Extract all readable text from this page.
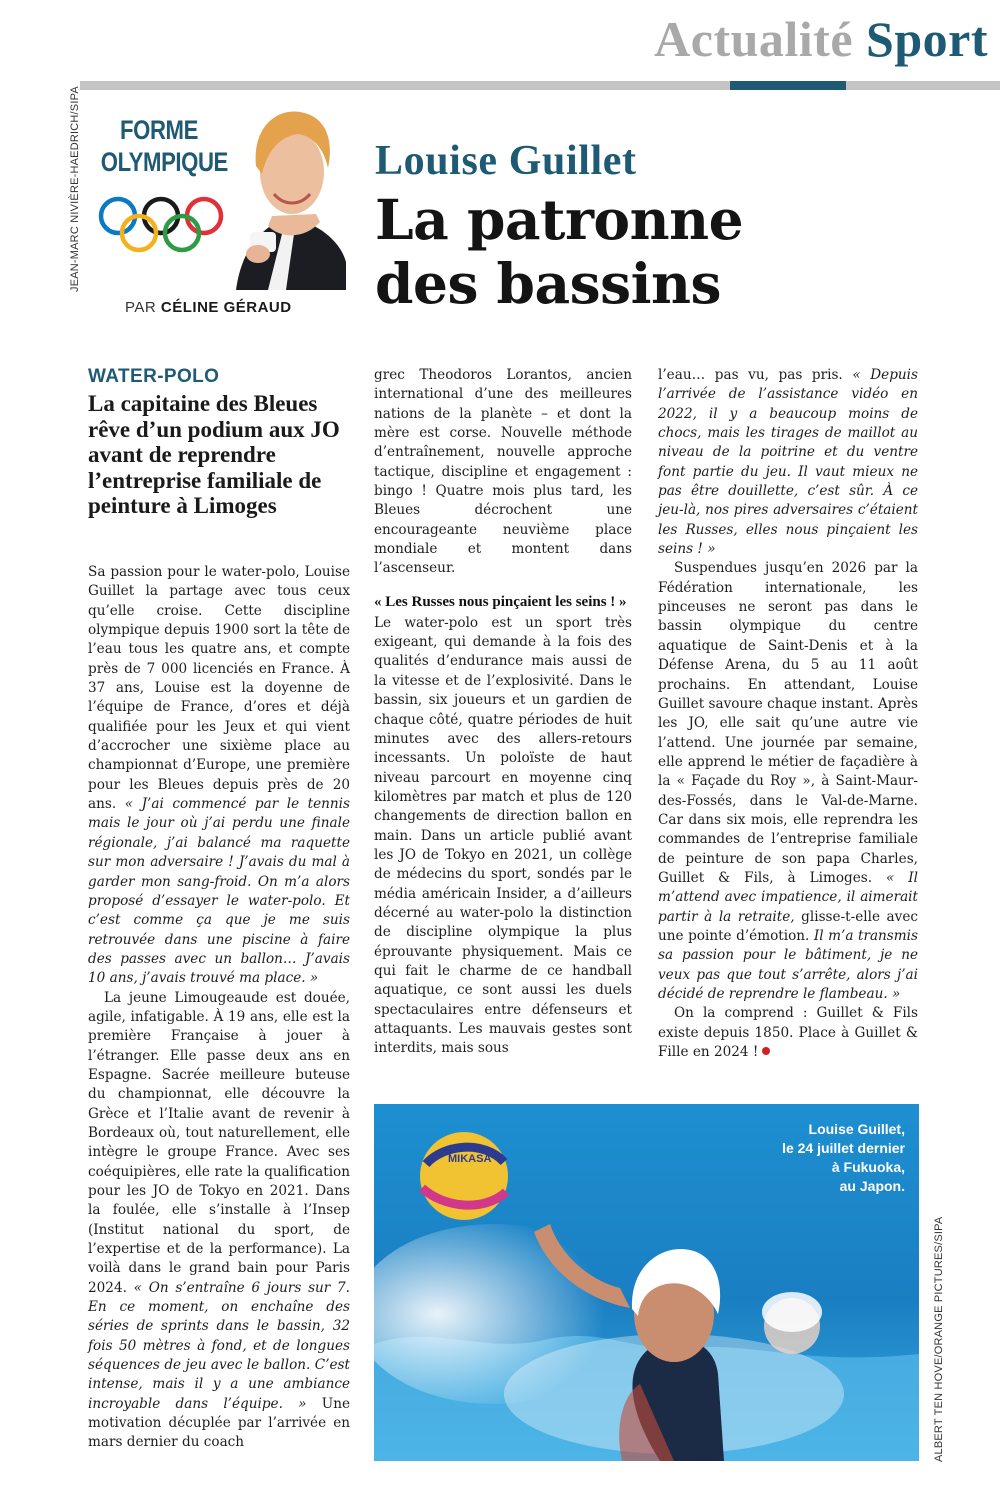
Actualité Sport
JEAN-MARC NIVIÈRE-HAEDRICH/SIPA	FORME
OLYMPIQUE
PAR CÉLINE GÉRAUD
Louise Guillet
La patronne
des bassins
WATER-POLO
La capitaine des Bleues rêve d’un podium aux JO avant de reprendre l’entreprise familiale de peinture à Limoges

Sa passion pour le water-polo, Louise Guillet la partage avec tous ceux qu’elle croise. Cette discipline olympique depuis 1900 sort la tête de l’eau tous les quatre ans, et compte près de 7 000 licenciés en France. À 37 ans, Louise est la doyenne de l’équipe de France, d’ores et déjà qualifiée pour les Jeux et qui vient d’accrocher une sixième place au championnat d’Europe, une première pour les Bleues depuis près de 20 ans. « J’ai commencé par le tennis mais le jour où j’ai perdu une finale régionale, j’ai balancé ma raquette sur mon adversaire ! J’avais du mal à garder mon sang-froid. On m’a alors proposé d’essayer le water-polo. Et c’est comme ça que je me suis retrouvée dans une piscine à faire des passes avec un ballon… J’avais 10 ans, j’avais trouvé ma place. »

La jeune Limougeaude est douée, agile, infatigable. À 19 ans, elle est la première Française à jouer à l’étranger. Elle passe deux ans en Espagne. Sacrée meilleure buteuse du championnat, elle découvre la Grèce et l’Italie avant de revenir à Bordeaux où, tout naturellement, elle intègre le groupe France. Avec ses coéquipières, elle rate la qualification pour les JO de Tokyo en 2021. Dans la foulée, elle s’installe à l’Insep (Institut national du sport, de l’expertise et de la performance). La voilà dans le grand bain pour Paris 2024. « On s’entraîne 6 jours sur 7. En ce moment, on enchaîne des séries de sprints dans le bassin, 32 fois 50 mètres à fond, et de longues séquences de jeu avec le ballon. C’est intense, mais il y a une ambiance incroyable dans l’équipe. » Une motivation décuplée par l’arrivée en mars dernier du coach

grec Theodoros Lorantos, ancien international d’une des meilleures nations de la planète – et dont la mère est corse. Nouvelle méthode d’entraînement, nouvelle approche tactique, discipline et engagement : bingo ! Quatre mois plus tard, les Bleues décrochent une encourageante neuvième place mondiale et montent dans l’ascenseur.

« Les Russes nous pinçaient les seins ! »

Le water-polo est un sport très exigeant, qui demande à la fois des qualités d’endurance mais aussi de la vitesse et de l’explosivité. Dans le bassin, six joueurs et un gardien de chaque côté, quatre périodes de huit minutes avec des allers-retours incessants. Un poloïste de haut niveau parcourt en moyenne cinq kilomètres par match et plus de 120 changements de direction ballon en main. Dans un article publié avant les JO de Tokyo en 2021, un collège de médecins du sport, sondés par le média américain Insider, a d’ailleurs décerné au water-polo la distinction de discipline olympique la plus éprouvante physiquement. Mais ce qui fait le charme de ce handball aquatique, ce sont aussi les duels spectaculaires entre défenseurs et attaquants. Les mauvais gestes sont interdits, mais sous

l’eau… pas vu, pas pris. « Depuis l’arrivée de l’assistance vidéo en 2022, il y a beaucoup moins de chocs, mais les tirages de maillot au niveau de la poitrine et du ventre font partie du jeu. Il vaut mieux ne pas être douillette, c’est sûr. À ce jeu-là, nos pires adversaires c’étaient les Russes, elles nous pinçaient les seins ! »

Suspendues jusqu’en 2026 par la Fédération internationale, les pinceuses ne seront pas dans le bassin olympique du centre aquatique de Saint-Denis et à la Défense Arena, du 5 au 11 août prochains. En attendant, Louise Guillet savoure chaque instant. Après les JO, elle sait qu’une autre vie l’attend. Une journée par semaine, elle apprend le métier de façadière à la « Façade du Roy », à Saint-Maur-des-Fossés, dans le Val-de-Marne. Car dans six mois, elle reprendra les commandes de l’entreprise familiale de peinture de son papa Charles, Guillet & Fils, à Limoges. « Il m’attend avec impatience, il aimerait partir à la retraite, glisse-t-elle avec une pointe d’émotion. Il m’a transmis sa passion pour le bâtiment, je ne veux pas que tout s’arrête, alors j’ai décidé de reprendre le flambeau. »

On la comprend : Guillet & Fils existe depuis 1850. Place à Guillet & Fille en 2024 !

MIKASA
Louise Guillet,
le 24 juillet dernier
à Fukuoka,
au Japon.
ALBERT TEN HOVE/ORANGE PICTURES/SIPA
